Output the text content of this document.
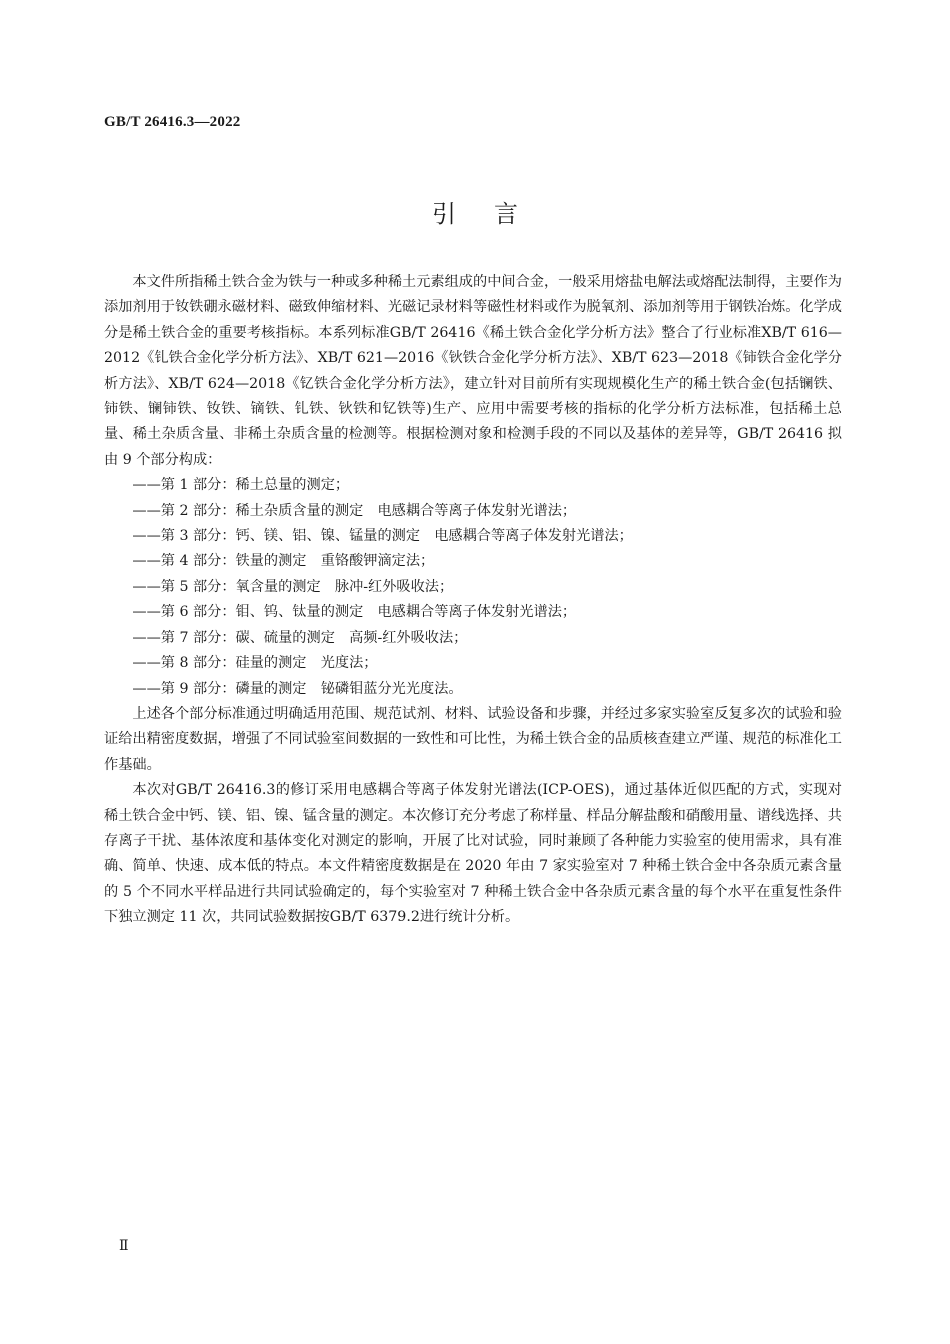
GB/T 26416.3—2022
引言

本文件所指稀土铁合金为铁与一种或多种稀土元素组成的中间合金，一般采用熔盐电解法或熔配法制得，主要作为添加剂用于钕铁硼永磁材料、磁致伸缩材料、光磁记录材料等磁性材料或作为脱氧剂、添加剂等用于钢铁冶炼。化学成分是稀土铁合金的重要考核指标。本系列标准GB/T 26416《稀土铁合金化学分析方法》整合了行业标准XB/T 616—2012《钆铁合金化学分析方法》、XB/T 621—2016《钬铁合金化学分析方法》、XB/T 623—2018《铈铁合金化学分析方法》、XB/T 624—2018《钇铁合金化学分析方法》，建立针对目前所有实现规模化生产的稀土铁合金(包括镧铁、铈铁、镧铈铁、钕铁、镝铁、钆铁、钬铁和钇铁等)生产、应用中需要考核的指标的化学分析方法标准，包括稀土总量、稀土杂质含量、非稀土杂质含量的检测等。根据检测对象和检测手段的不同以及基体的差异等，GB/T 26416 拟由 9 个部分构成：

——第 1 部分：稀土总量的测定；
——第 2 部分：稀土杂质含量的测定　电感耦合等离子体发射光谱法；
——第 3 部分：钙、镁、铝、镍、锰量的测定　电感耦合等离子体发射光谱法；
——第 4 部分：铁量的测定　重铬酸钾滴定法；
——第 5 部分：氧含量的测定　脉冲-红外吸收法；
——第 6 部分：钼、钨、钛量的测定　电感耦合等离子体发射光谱法；
——第 7 部分：碳、硫量的测定　高频-红外吸收法；
——第 8 部分：硅量的测定　光度法；
——第 9 部分：磷量的测定　铋磷钼蓝分光光度法。

上述各个部分标准通过明确适用范围、规范试剂、材料、试验设备和步骤，并经过多家实验室反复多次的试验和验证给出精密度数据，增强了不同试验室间数据的一致性和可比性，为稀土铁合金的品质核查建立严谨、规范的标准化工作基础。

本次对GB/T 26416.3的修订采用电感耦合等离子体发射光谱法(ICP-OES)，通过基体近似匹配的方式，实现对稀土铁合金中钙、镁、铝、镍、锰含量的测定。本次修订充分考虑了称样量、样品分解盐酸和硝酸用量、谱线选择、共存离子干扰、基体浓度和基体变化对测定的影响，开展了比对试验，同时兼顾了各种能力实验室的使用需求，具有准确、简单、快速、成本低的特点。本文件精密度数据是在 2020 年由 7 家实验室对 7 种稀土铁合金中各杂质元素含量的 5 个不同水平样品进行共同试验确定的，每个实验室对 7 种稀土铁合金中各杂质元素含量的每个水平在重复性条件下独立测定 11 次，共同试验数据按GB/T 6379.2进行统计分析。

Ⅱ
